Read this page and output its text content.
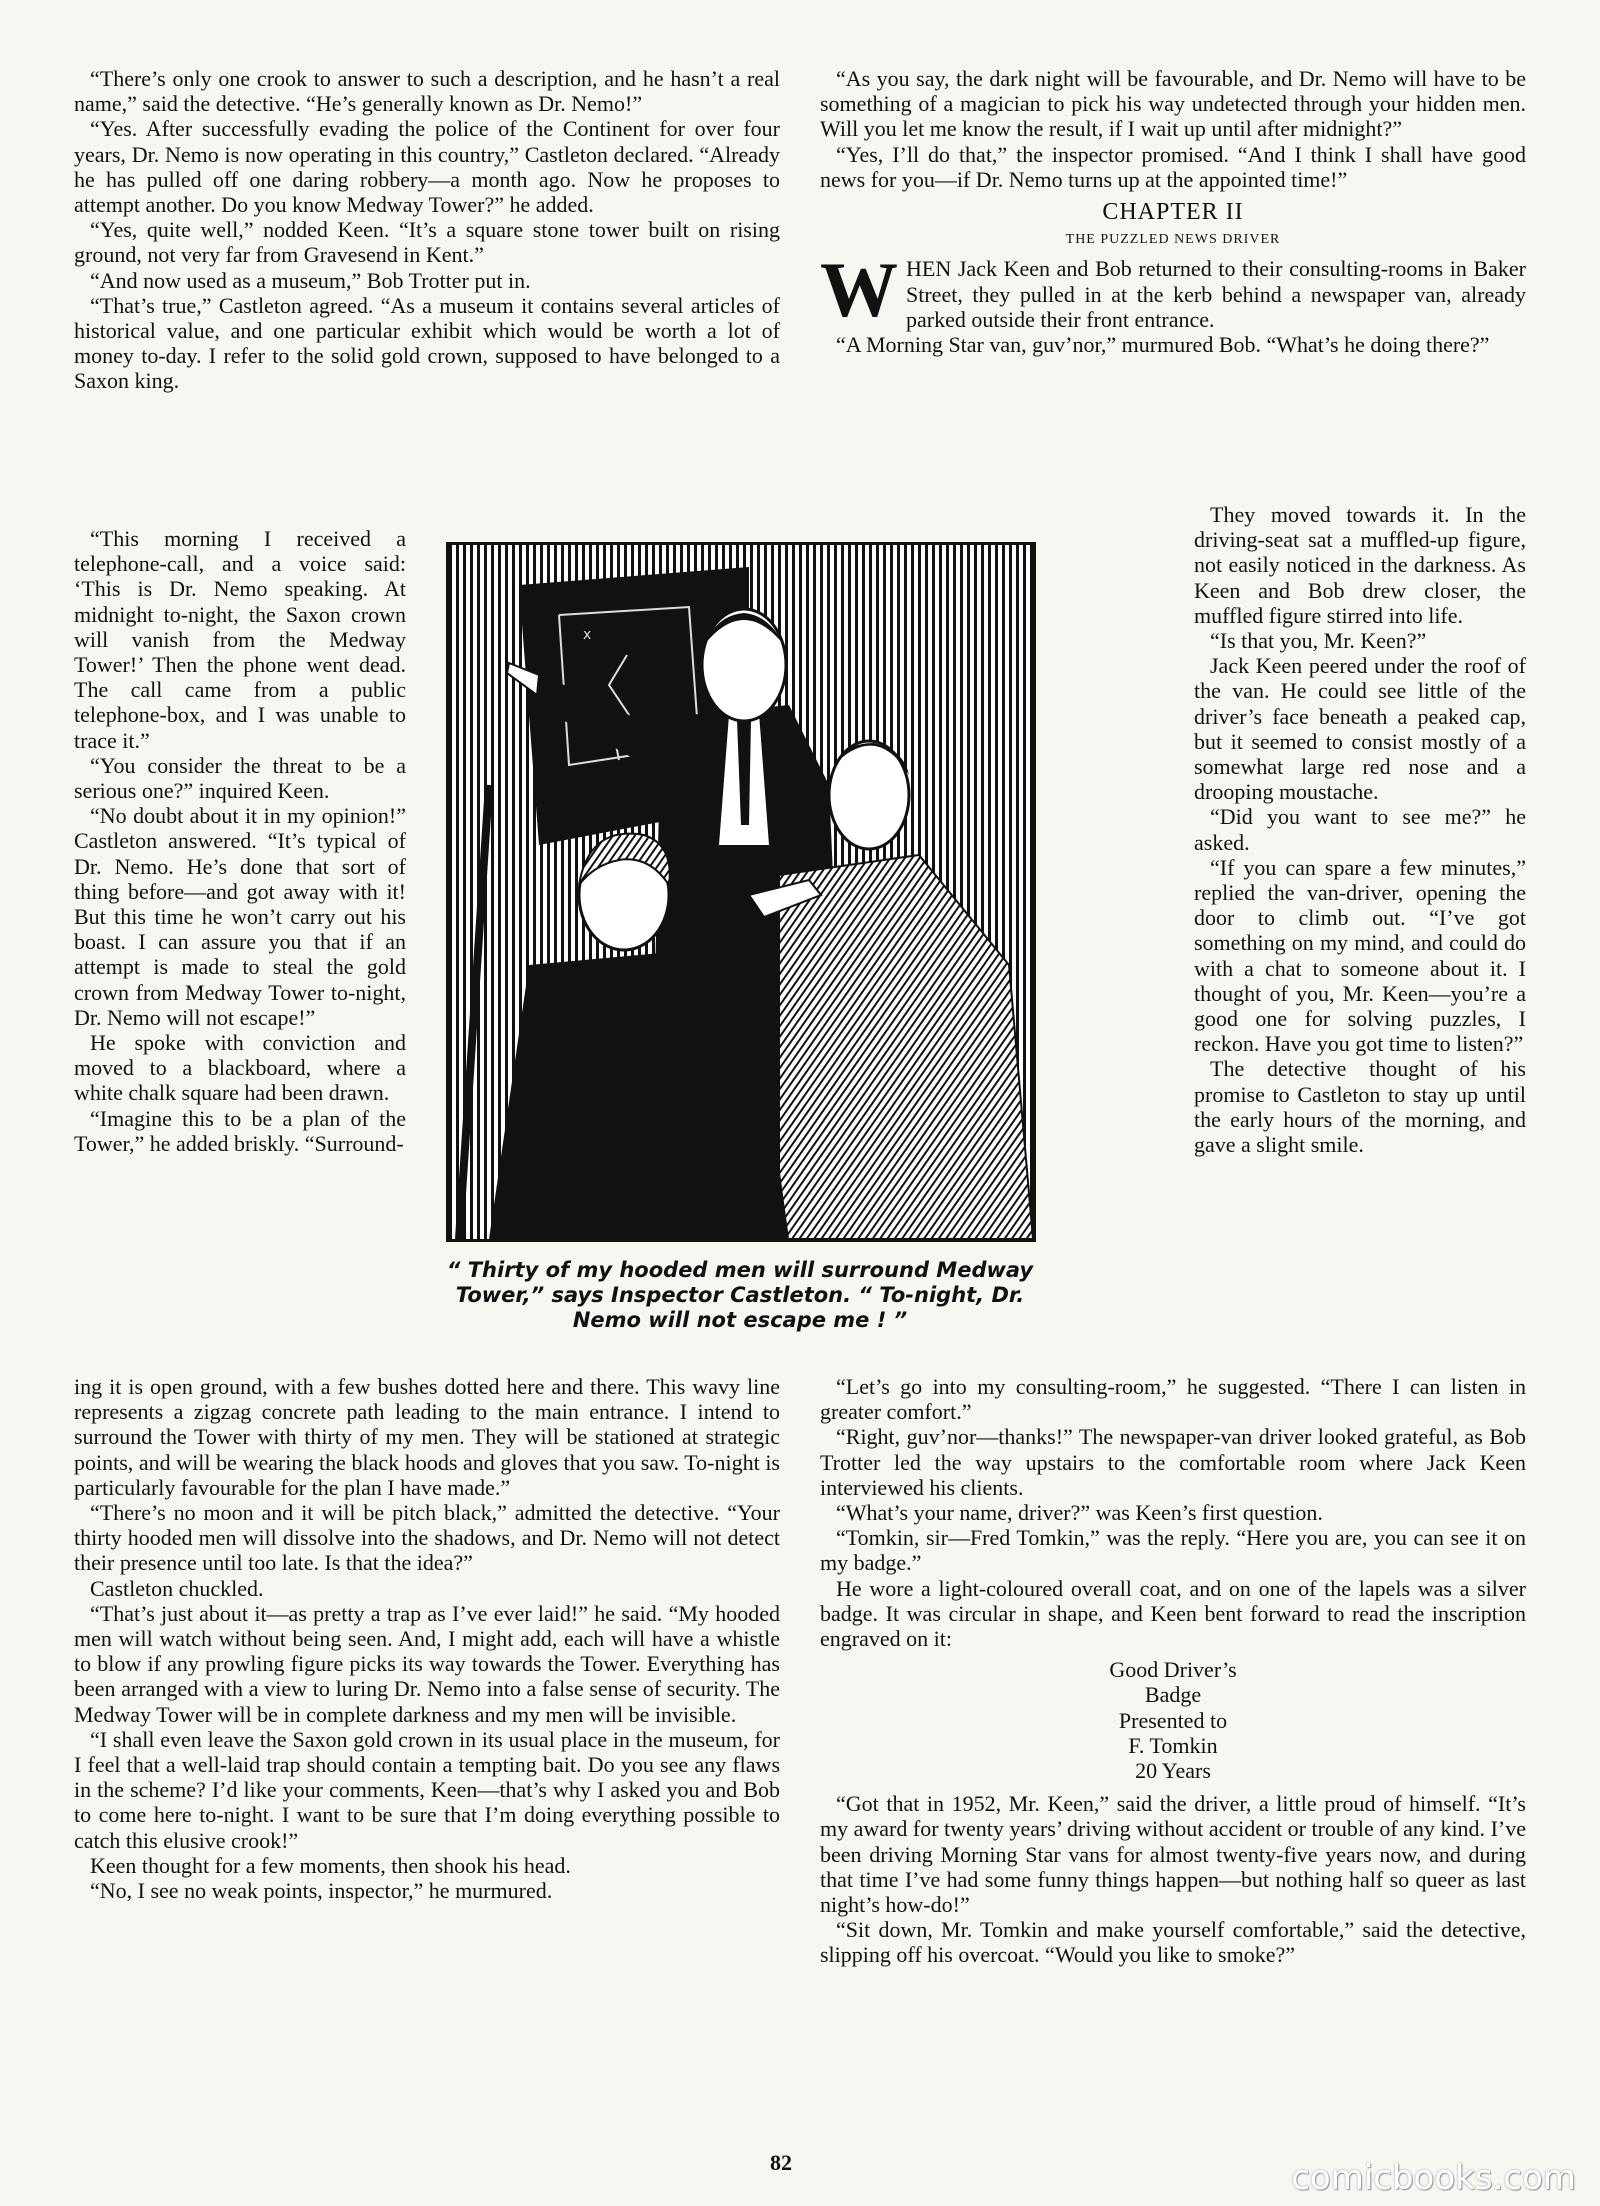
“There’s only one crook to answer to such a description, and he hasn’t a real name,” said the detective. “He’s generally known as Dr. Nemo!”

“Yes. After successfully evading the police of the Continent for over four years, Dr. Nemo is now operating in this country,” Castleton declared. “Already he has pulled off one daring robbery—a month ago. Now he proposes to attempt another. Do you know Medway Tower?” he added.

“Yes, quite well,” nodded Keen. “It’s a square stone tower built on rising ground, not very far from Gravesend in Kent.”

“And now used as a museum,” Bob Trotter put in.

“That’s true,” Castleton agreed. “As a museum it contains several articles of historical value, and one particular exhibit which would be worth a lot of money to-day. I refer to the solid gold crown, supposed to have belonged to a Saxon king.

“This morning I received a telephone-call, and a voice said: ‘This is Dr. Nemo speaking. At midnight to-night, the Saxon crown will vanish from the Medway Tower!’ Then the phone went dead. The call came from a public telephone-box, and I was unable to trace it.”

“You consider the threat to be a serious one?” inquired Keen.

“No doubt about it in my opinion!” Castleton answered. “It’s typical of Dr. Nemo. He’s done that sort of thing before—and got away with it! But this time he won’t carry out his boast. I can assure you that if an attempt is made to steal the gold crown from Medway Tower to-night, Dr. Nemo will not escape!”

He spoke with conviction and moved to a blackboard, where a white chalk square had been drawn.

“Imagine this to be a plan of the Tower,” he added briskly. “Surround-

ing it is open ground, with a few bushes dotted here and there. This wavy line represents a zigzag concrete path leading to the main entrance. I intend to surround the Tower with thirty of my men. They will be stationed at strategic points, and will be wearing the black hoods and gloves that you saw. To-night is particularly favourable for the plan I have made.”

“There’s no moon and it will be pitch black,” admitted the detective. “Your thirty hooded men will dissolve into the shadows, and Dr. Nemo will not detect their presence until too late. Is that the idea?”

Castleton chuckled.

“That’s just about it—as pretty a trap as I’ve ever laid!” he said. “My hooded men will watch without being seen. And, I might add, each will have a whistle to blow if any prowling figure picks its way towards the Tower. Everything has been arranged with a view to luring Dr. Nemo into a false sense of security. The Medway Tower will be in complete darkness and my men will be invisible.

“I shall even leave the Saxon gold crown in its usual place in the museum, for I feel that a well-laid trap should contain a tempting bait. Do you see any flaws in the scheme? I’d like your comments, Keen—that’s why I asked you and Bob to come here to-night. I want to be sure that I’m doing everything possible to catch this elusive crook!”

Keen thought for a few moments, then shook his head.

“No, I see no weak points, inspector,” he murmured.

“As you say, the dark night will be favourable, and Dr. Nemo will have to be something of a magician to pick his way undetected through your hidden men. Will you let me know the result, if I wait up until after midnight?”

“Yes, I’ll do that,” the inspector promised. “And I think I shall have good news for you—if Dr. Nemo turns up at the appointed time!”

CHAPTER II
THE PUZZLED NEWS DRIVER

WHEN Jack Keen and Bob returned to their consulting-rooms in Baker Street, they pulled in at the kerb behind a newspaper van, already parked outside their front entrance.

“A Morning Star van, guv’nor,” murmured Bob. “What’s he doing there?”

They moved towards it. In the driving-seat sat a muffled-up figure, not easily noticed in the darkness. As Keen and Bob drew closer, the muffled figure stirred into life.

“Is that you, Mr. Keen?”

Jack Keen peered under the roof of the van. He could see little of the driver’s face beneath a peaked cap, but it seemed to consist mostly of a somewhat large red nose and a drooping moustache.

“Did you want to see me?” he asked.

“If you can spare a few minutes,” replied the van-driver, opening the door to climb out. “I’ve got something on my mind, and could do with a chat to someone about it. I thought of you, Mr. Keen—you’re a good one for solving puzzles, I reckon. Have you got time to listen?”

The detective thought of his promise to Castleton to stay up until the early hours of the morning, and gave a slight smile.

“Let’s go into my consulting-room,” he suggested. “There I can listen in greater comfort.”

“Right, guv’nor—thanks!” The newspaper-van driver looked grateful, as Bob Trotter led the way upstairs to the comfortable room where Jack Keen interviewed his clients.

“What’s your name, driver?” was Keen’s first question.

“Tomkin, sir—Fred Tomkin,” was the reply. “Here you are, you can see it on my badge.”

He wore a light-coloured overall coat, and on one of the lapels was a silver badge. It was circular in shape, and Keen bent forward to read the inscription engraved on it:

Good Driver’s

Badge

Presented to

F. Tomkin

20 Years

“Got that in 1952, Mr. Keen,” said the driver, a little proud of himself. “It’s my award for twenty years’ driving without accident or trouble of any kind. I’ve been driving Morning Star vans for almost twenty-five years now, and during that time I’ve had some funny things happen—but nothing half so queer as last night’s how-do!”

“Sit down, Mr. Tomkin and make yourself comfortable,” said the detective, slipping off his overcoat. “Would you like to smoke?”

x
“ Thirty of my hooded men will surround Medway Tower,” says Inspector Castleton. “ To-night, Dr. Nemo will not escape me ! ”
82	comicbooks.com
